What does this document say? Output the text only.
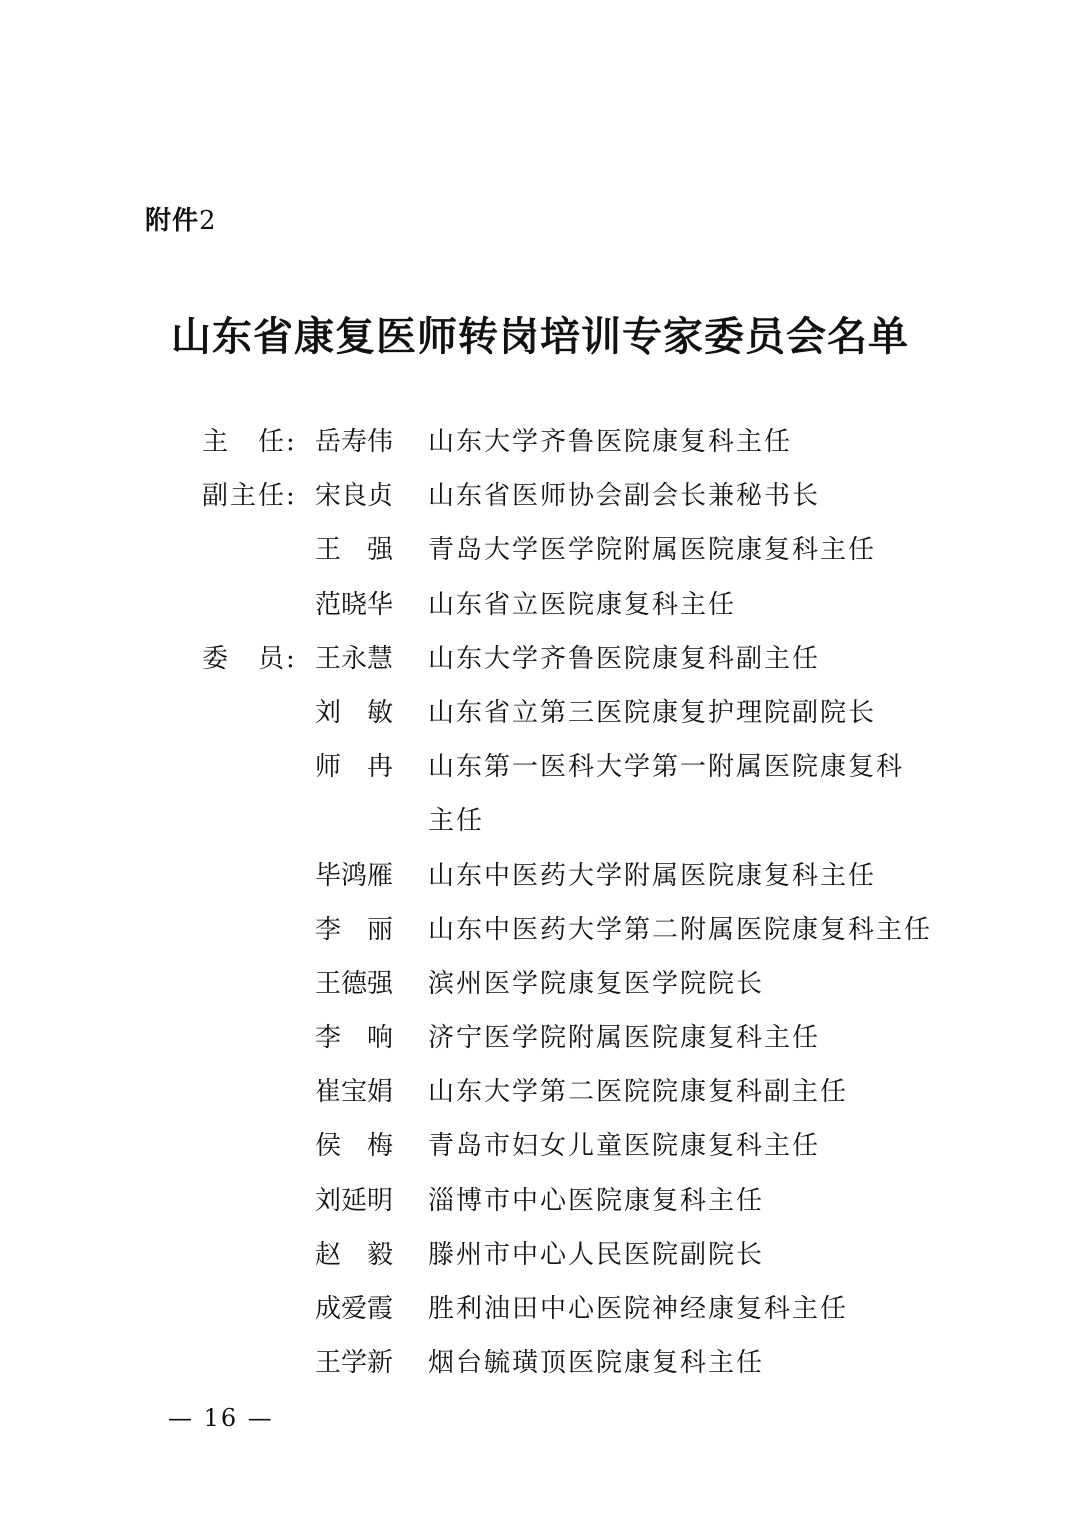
附件2
山东省康复医师转岗培训专家委员会名单
主　任: 岳寿伟 山东大学齐鲁医院康复科主任
副主任: 宋良贞 山东省医师协会副会长兼秘书长
王　强 青岛大学医学院附属医院康复科主任
范晓华 山东省立医院康复科主任
委　员: 王永慧 山东大学齐鲁医院康复科副主任
刘　敏 山东省立第三医院康复护理院副院长
师　冉 山东第一医科大学第一附属医院康复科
主任
毕鸿雁 山东中医药大学附属医院康复科主任
李　丽 山东中医药大学第二附属医院康复科主任
王德强 滨州医学院康复医学院院长
李　响 济宁医学院附属医院康复科主任
崔宝娟 山东大学第二医院院康复科副主任
侯　梅 青岛市妇女儿童医院康复科主任
刘延明 淄博市中心医院康复科主任
赵　毅 滕州市中心人民医院副院长
成爱霞 胜利油田中心医院神经康复科主任
王学新 烟台毓璜顶医院康复科主任
— 16 —
